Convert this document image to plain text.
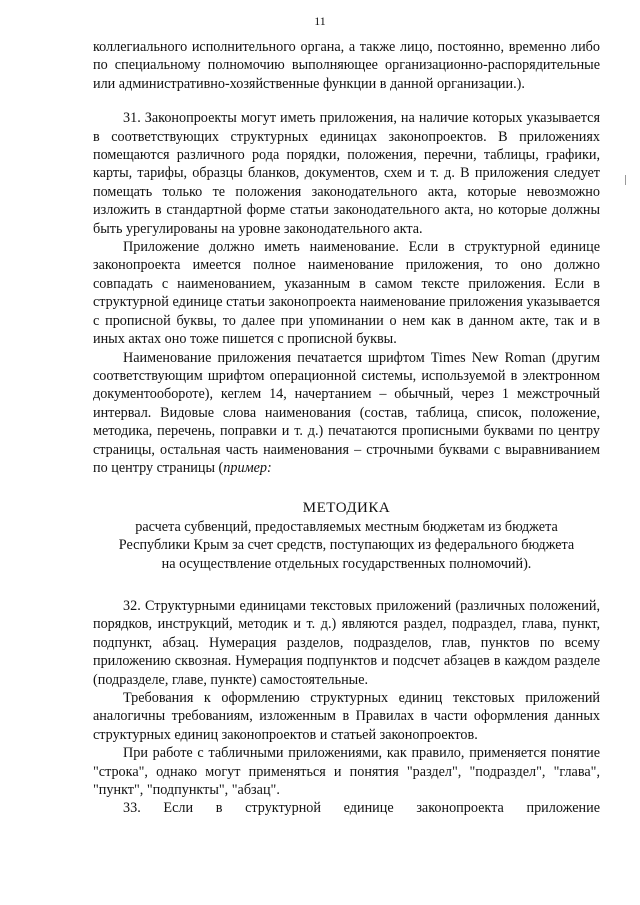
11

коллегиального исполнительного органа, а также лицо, постоянно, временно либо по специальному полномочию выполняющее организационно-распорядительные или административно-хозяйственные функции в данной организации.).

31. Законопроекты могут иметь приложения, на наличие которых указывается в соответствующих структурных единицах законопроектов. В приложениях помещаются различного рода порядки, положения, перечни, таблицы, графики, карты, тарифы, образцы бланков, документов, схем и т. д. В приложения следует помещать только те положения законодательного акта, которые невозможно изложить в стандартной форме статьи законодательного акта, но которые должны быть урегулированы на уровне законодательного акта.

Приложение должно иметь наименование. Если в структурной единице законопроекта имеется полное наименование приложения, то оно должно совпадать с наименованием, указанным в самом тексте приложения. Если в структурной единице статьи законопроекта наименование приложения указывается с прописной буквы, то далее при упоминании о нем как в данном акте, так и в иных актах оно тоже пишется с прописной буквы.

Наименование приложения печатается шрифтом Times New Roman (другим соответствующим шрифтом операционной системы, используемой в электронном документообороте), кеглем 14, начертанием – обычный, через 1 межстрочный интервал. Видовые слова наименования (состав, таблица, список, положение, методика, перечень, поправки и т. д.) печатаются прописными буквами по центру страницы, остальная часть наименования – строчными буквами с выравниванием по центру страницы (пример:

МЕТОДИКА

расчета субвенций, предоставляемых местным бюджетам из бюджета
Республики Крым за счет средств, поступающих из федерального бюджета
на осуществление отдельных государственных полномочий).

32. Структурными единицами текстовых приложений (различных положений, порядков, инструкций, методик и т. д.) являются раздел, подраздел, глава, пункт, подпункт, абзац. Нумерация разделов, подразделов, глав, пунктов по всему приложению сквозная. Нумерация подпунктов и подсчет абзацев в каждом разделе (подразделе, главе, пункте) самостоятельные.

Требования к оформлению структурных единиц текстовых приложений аналогичны требованиям, изложенным в Правилах в части оформления данных структурных единиц законопроектов и статьей законопроектов.

При работе с табличными приложениями, как правило, применяется понятие "строка", однако могут применяться и понятия "раздел", "подраздел", "глава", "пункт", "подпункты", "абзац".

33. Если в структурной единице законопроекта приложение
